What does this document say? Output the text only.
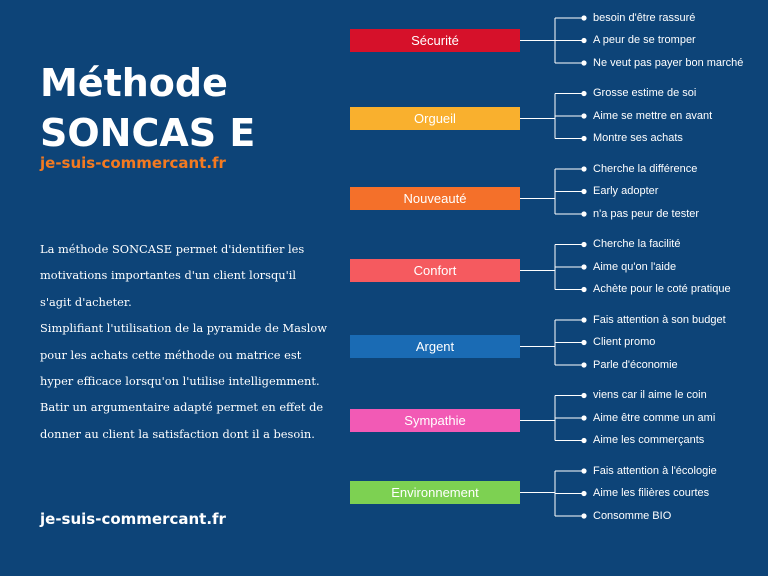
Méthode
SONCAS E
je-suis-commercant.fr

La méthode SONCASE permet d'identifier les motivations importantes d'un client lorsqu'il s'agit d'acheter.

Simplifiant l'utilisation de la pyramide de Maslow pour les achats cette méthode ou matrice est hyper efficace lorsqu'on l'utilise intelligemment.

Batir un argumentaire adapté permet en effet de donner au client la satisfaction dont il a besoin.

je-suis-commercant.fr
Sécurité
besoin d'être rassuré
A peur de se tromper
Ne veut pas payer bon marché
Orgueil
Grosse estime de soi
Aime se mettre en avant
Montre ses achats
Nouveauté
Cherche la différence
Early adopter
n'a pas peur de tester
Confort
Cherche la facilité
Aime qu'on l'aide
Achète pour le coté pratique
Argent
Fais attention à son budget
Client promo
Parle d'économie
Sympathie
viens car il aime le coin
Aime être comme un ami
Aime les commerçants
Environnement
Fais attention à l'écologie
Aime les filières courtes
Consomme BIO
